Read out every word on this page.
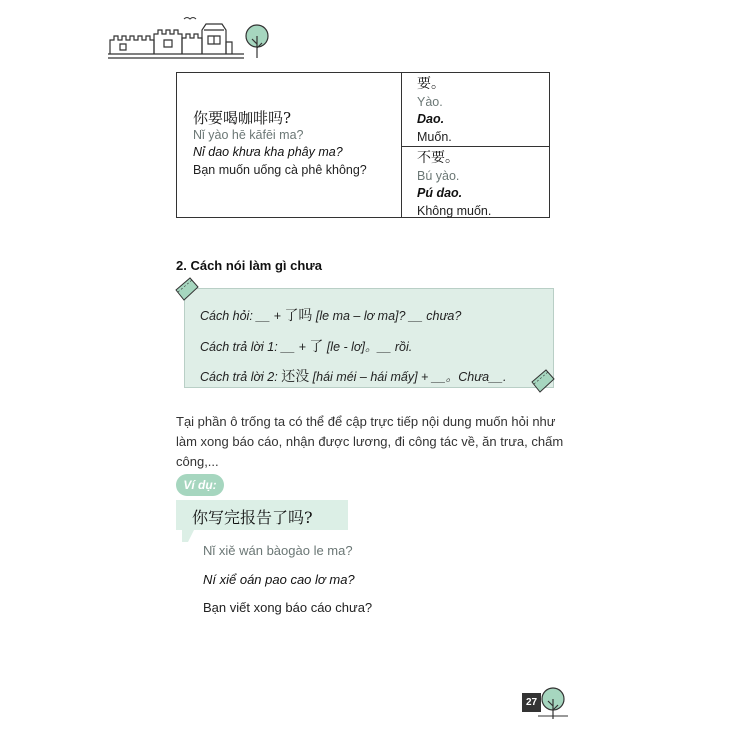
你要喝咖啡吗?
Nǐ yào hē kāfēi ma?
Nỉ dao khưa kha phây ma?
Bạn muốn uống cà phê không?
要。
Yào.
Dao.
Muốn.
不要。
Bú yào.
Pú dao.
Không muốn.
2. Cách nói làm gì chưa
Cách hỏi: __ + 了吗 [le ma – lơ ma]? __ chưa?
Cách trả lời 1: __ + 了 [le - lơ]。__ rồi.
Cách trả lời 2: 还没 [hái méi – hái mấy] + __。Chưa__.
Tại phần ô trống ta có thể để cập trực tiếp nội dung muốn hỏi như làm xong báo cáo, nhận được lương, đi công tác về, ăn trưa, chấm công,...
Ví dụ:
你写完报告了吗?
Nǐ xiě wán bàogào le ma?
Ní xiể oán pao cao lơ ma?
Bạn viết xong báo cáo chưa?
27
